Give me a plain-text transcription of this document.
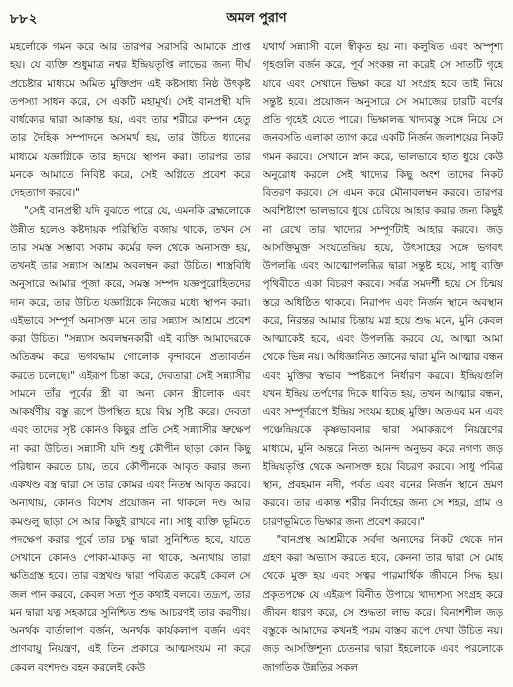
৮৮২	অমল পুরাণ

মহর্লোকে গমন করে আর তারপর সরাসরি আমাকে প্রাপ্ত হয়। যে ব্যক্তি শুধুমাত্র নশ্বর ইন্দ্রিয়তৃপ্তি লাভের জন্য দীর্ঘ প্রচেষ্টার মাধ্যমে অমিত মুক্তিপ্রদ এই কষ্টসাধ্য নিষ্ঠ উৎকৃষ্ট তপস্যা সাধন করে, সে একটি মহামূর্খ। সেই বানপ্রস্থী যদি বার্ধক্যের দ্বারা আক্রান্ত হয়, এবং তার শরীরে কম্পন হেতু তার দৈহিক সম্পাদনে অসমর্থ হয়, তার উচিত ধ্যানের মাধ্যমে যজ্ঞাগ্নিকে তার হৃদয়ে স্থাপন করা। তারপর তার মনকে আমাতে নিবিষ্ট করে, সেই অগ্নিতে প্রবেশ করে দেহত্যাগ করবে।"

"সেই বানপ্রস্থী যদি বুঝতে পারে যে, এমনকি ব্রহ্মলোকে উন্নীত হলেও কষ্টদায়ক পরিস্থিতি বজায় থাকে, তখন সে তার সমস্ত সম্ভাব্য সকাম কর্মের ফল থেকে অনাসক্ত হয়, তখনই তার সন্ন্যাস আশ্রম অবলম্বন করা উচিত। শাস্ত্রবিধি অনুসারে আমার পূজা করে, সমস্ত সম্পদ যজ্ঞপুরোহিতদের দান করে, তার উচিত যজ্ঞাগ্নিকে নিজের মধ্যে স্থাপন করা। এইভাবে সম্পূর্ণ অনাসক্ত মনে তার সন্ন্যাস আশ্রমে প্রবেশ করা উচিত। "সন্ন্যাস অবলম্বনকারী এই ব্যক্তি আমাদেরকে অতিক্রম করে ভগবদ্ধাম গোলোক বৃন্দাবনে প্রত্যাবর্তন করতে চলেছে।" এইরূপ চিন্তা করে, দেবতারা সেই সন্ন্যাসীর সামনে তাঁর পূর্বের স্ত্রী বা অন্য কোন স্ত্রীলোক এবং আকর্ষণীয় বস্তু রূপে উপস্থিত হয়ে বিঘ্ন সৃষ্টি করে। দেবতা এবং তাদের সৃষ্ট কোনও কিছুর প্রতি সেই সন্ন্যাসীর ভ্রুক্ষেপ না করা উচিত। সন্ন্যাসী যদি শুধু কৌপীন ছাড়া কোন কিছু পরিধান করতে চায়, তবে কৌপীনকে আবৃত করার জন্য একখণ্ড বস্ত্র দ্বারা সে তার কোমর এবং নিতম্ব আবৃত করবে। অন্যথায়, কোনও বিশেষ প্রয়োজন না থাকলে দণ্ড আর কমণ্ডলু ছাড়া সে আর কিছুই রাখবে না। সাধু ব্যক্তি ভূমিতে পদক্ষেপ করার পূর্বে তার চক্ষু দ্বারা সুনিশ্চিত হবে, যাতে সেখানে কোনও পোকা-মাকড় না থাকে, অন্যথায় তারা ক্ষতিগ্রস্ত হবে। তার বস্ত্রখণ্ড দ্বারা পবিত্রত করেই কেবল সে জল পান করবে, কেবল সত্য পূত কথাই বলবে। তদ্রূপ, তার মন দ্বারা যত্ন সহকারে সুনিশ্চিত শুদ্ধ আচরণই তার করণীয়। অনর্থক বার্তালাপ বর্জন, অনর্থক কার্যকলাপ বর্জন এবং প্রাণবায়ু নিয়ন্ত্রণ, এই তিন প্রকারে আত্মসংযম না করে কেবল বংশদণ্ড বহন করলেই কেউ

যথার্থ সন্ন্যাসী বলে স্বীকৃত হয় না। কলুষিত এবং অস্পৃশ্য গৃহগুলি বর্জন করে, পূর্ব সংকল্প না করেই সে সাতটি গৃহে যাবে এবং সেখানে ভিক্ষা করে যা সংগ্রহ হবে তাই নিয়ে সন্তুষ্ট হবে। প্রয়োজন অনুসারে সে সমাজের চারটি বর্ণের প্রতি গৃহেই যেতে পারে। ভিক্ষালব্ধ খাদ্যবস্তু সঙ্গে নিয়ে সে জনবসতি এলাকা ত্যাগ করে একটি নির্জন জলাশয়ের নিকট গমন করবে। সেখানে স্নান করে, ভালভাবে হাত ধুয়ে কেউ অনুরোধ করলে সেই খাদ্যের কিছু অংশ তাদের নিকট বিতরণ করবে। সে এমন করে মৌনাবলম্বন করবে। তারপর অবশিষ্টাংশ ভালভাবে ধুয়ে চেবিয়ে আহার করার জন্য কিছুই না রেখে তার খাদ্যের সম্পূর্ণটাই আহার করবে। জড় আসক্তিমুক্ত সংযতেন্দ্রিয় হয়ে, উৎসাহের সঙ্গে ভগবৎ উপলব্ধি এবং আত্মোপলব্ধির দ্বারা সন্তুষ্ট হয়ে, সাধু ব্যক্তি পৃথিবীতে একা বিচরণ করবে। সর্বত্র সমদর্শী হয়ে সে চিন্ময় স্তরে অধিষ্ঠিত থাকবে। নিরাপদ এবং নির্জন স্থানে অবস্থান করে, নিরন্তর আমার চিন্তায় মগ্ন হয়ে শুদ্ধ মনে, মুনি কেবল আত্মাকেই হবে, এবং উপলব্ধি করবে যে, আত্মা আমা থেকে ভিন্ন নয়। অধিজ্ঞানিত জ্ঞানের দ্বারা মুনি আত্মার বন্ধন এবং মুক্তির স্বভাব স্পষ্টরূপে নির্ধারণ করবে। ইন্দ্রিয়গুলি যখন ইন্দ্রিয় তর্পণের দিকে ধাবিত হয়, তখন আত্মার বন্ধন, এবং সম্পূর্ণরূপে ইন্দ্রিয় সংযম হচ্ছে মুক্তি। অতএব মন এবং পঞ্চেন্দ্রিয়কে কৃষ্ণভাবনার দ্বারা সমাকরূপে নিয়ন্ত্রণের মাধ্যমে, মুনি অন্তরে নিত্য আনন্দ অনুভব করে নগণ্য জড় ইন্দ্রিয়তৃপ্তি থেকে অনাসক্ত হয়ে বিচরণ করবে। সাধু পবিত্র স্থান, প্রবহমান নদী, পর্বত এবং বনের নির্জন স্থানে ভ্রমণ করবে। তার একান্ত শরীর নির্বাহের জন্য সে শহর, গ্রাম ও চারণভূমিতে ভিক্ষার জন্য প্রবেশ করবে।"

"বানপ্রস্থ আশ্রমীকে সর্বদা অন্যদের নিকট থেকে দান গ্রহণ করা অভ্যাস করতে হবে, কেননা তার দ্বারা সে মোহ থেকে মুক্ত হয় এবং সত্বর পারমার্থিক জীবনে সিদ্ধ হয়। প্রকৃতপক্ষে যে এইরূপ বিনীত উপায়ে খাদ্যশস্য সংগ্রহ করে জীবন ধারণ করে, সে শুদ্ধতা লাভ করে। বিনাশশীল জড় বস্তুকে আমাদের কখনই পরম বাস্তব রূপে দেখা উচিত নয়। জড় আসক্তিশূন্য চেতনার দ্বারা ইহলোকে এবং পরলোকে জাগতিক উন্নতির সকল
